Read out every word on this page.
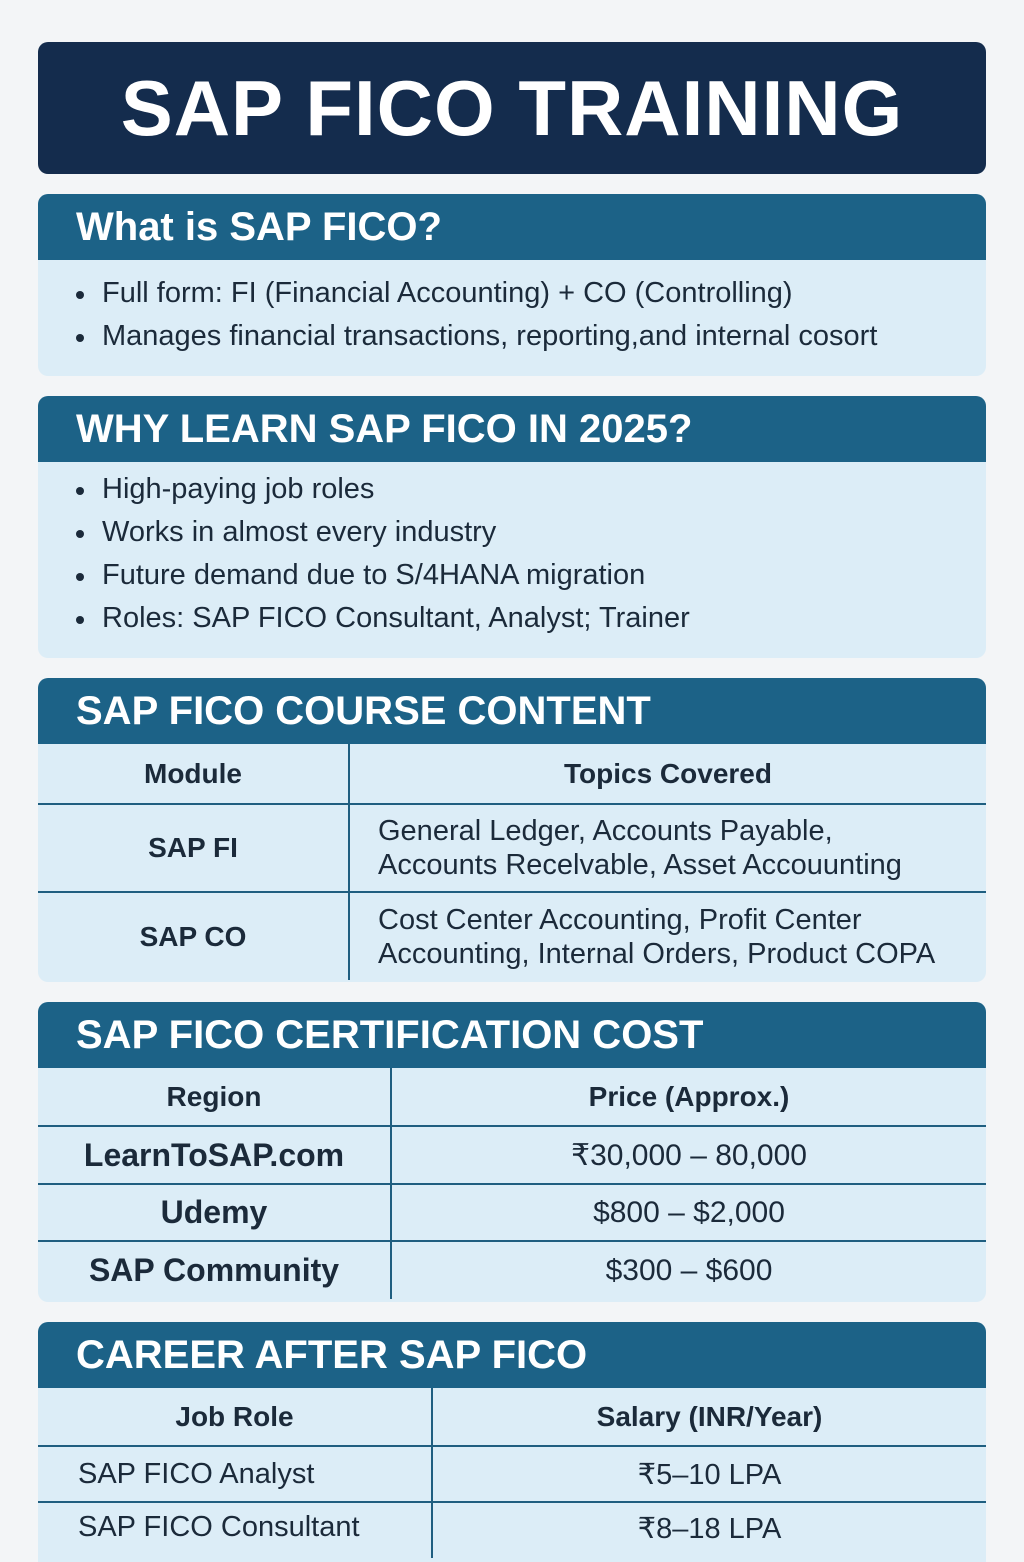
SAP FICO TRAINING
What is SAP FICO?
Full form: FI (Financial Accounting) + CO (Controlling)
Manages financial transactions, reporting,and internal cosort
WHY LEARN SAP FICO IN 2025?
High-paying job roles
Works in almost every industry
Future demand due to S/4HANA migration
Roles: SAP FICO Consultant, Analyst; Trainer
SAP FICO COURSE CONTENT
Module	Topics Covered
SAP FI	General Ledger, Accounts Payable,
Accounts Recelvable, Asset Accouunting

SAP CO	Cost Center Accounting, Profit Center
Accounting, Internal Orders, Product COPA
SAP FICO CERTIFICATION COST
Region	Price (Approx.)
LearnToSAP.com	₹30,000 – 80,000
Udemy	$800 – $2,000
SAP Community	$300 – $600
CAREER AFTER SAP FICO
Job Role	Salary (INR/Year)
SAP FICO Analyst	₹5–10 LPA
SAP FICO Consultant	₹8–18 LPA
